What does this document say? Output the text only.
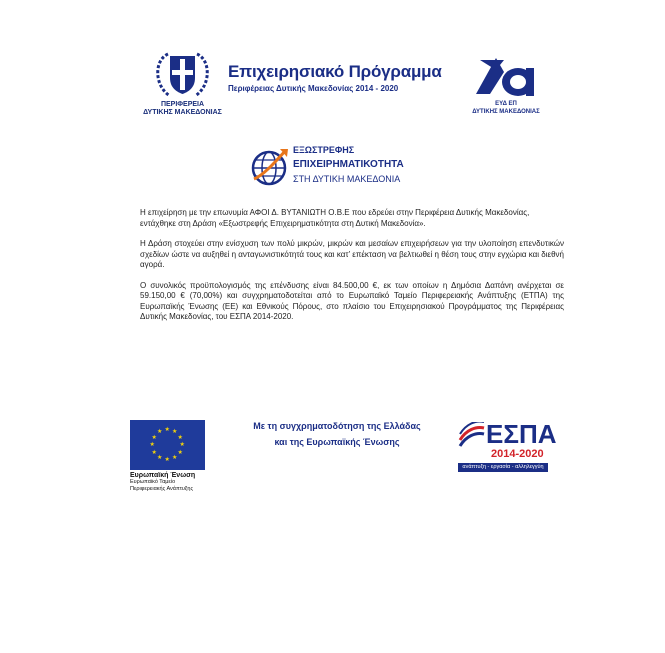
ΠΕΡΙΦΕΡΕΙΑ
ΔΥΤΙΚΗΣ ΜΑΚΕΔΟΝΙΑΣ
Επιχειρησιακό Πρόγραμμα
Περιφέρειας Δυτικής Μακεδονίας 2014 - 2020
ΕΥΔ ΕΠ
ΔΥΤΙΚΗΣ ΜΑΚΕΔΟΝΙΑΣ
ΕΞΩΣΤΡΕΦΗΣ
ΕΠΙΧΕΙΡΗΜΑΤΙΚΟΤΗΤΑ
ΣΤΗ ΔΥΤΙΚΗ ΜΑΚΕΔΟΝΙΑ

Η επιχείρηση με την επωνυμία ΑΦΟΙ Δ. ΒΥΤΑΝΙΩΤΗ Ο.Β.Ε που εδρεύει στην Περιφέρεια Δυτικής Μακεδονίας, εντάχθηκε στη Δράση «Εξωστρεφής Επιχειρηματικότητα στη Δυτική Μακεδονία».

Η Δράση στοχεύει στην ενίσχυση των πολύ μικρών, μικρών και μεσαίων επιχειρήσεων για την υλοποίηση επενδυτικών σχεδίων ώστε να αυξηθεί η ανταγωνιστικότητά τους και κατ’ επέκταση να βελτιωθεί η θέση τους στην εγχώρια και διεθνή αγορά.

Ο συνολικός προϋπολογισμός της επένδυσης είναι 84.500,00 €, εκ των οποίων η Δημόσια Δαπάνη ανέρχεται σε 59.150,00 € (70,00%) και συγχρηματοδοτείται από το Ευρωπαϊκό Ταμείο Περιφερειακής Ανάπτυξης (ΕΤΠΑ) της Ευρωπαϊκής Ένωσης (ΕΕ) και Εθνικούς Πόρους, στο πλαίσιο του Επιχειρησιακού Προγράμματος της Περιφέρειας Δυτικής Μακεδονίας, του ΕΣΠΑ 2014-2020.

★ ★
★
★
★
★
★
★
★
★
★
★
Ευρωπαϊκή Ένωση
Ευρωπαϊκό Ταμείο
Περιφερειακής Ανάπτυξης
Με τη συγχρηματοδότηση της Ελλάδας
και της Ευρωπαϊκής Ένωσης	ΕΣΠΑ
2014-2020
ανάπτυξη - εργασία - αλληλεγγύη
